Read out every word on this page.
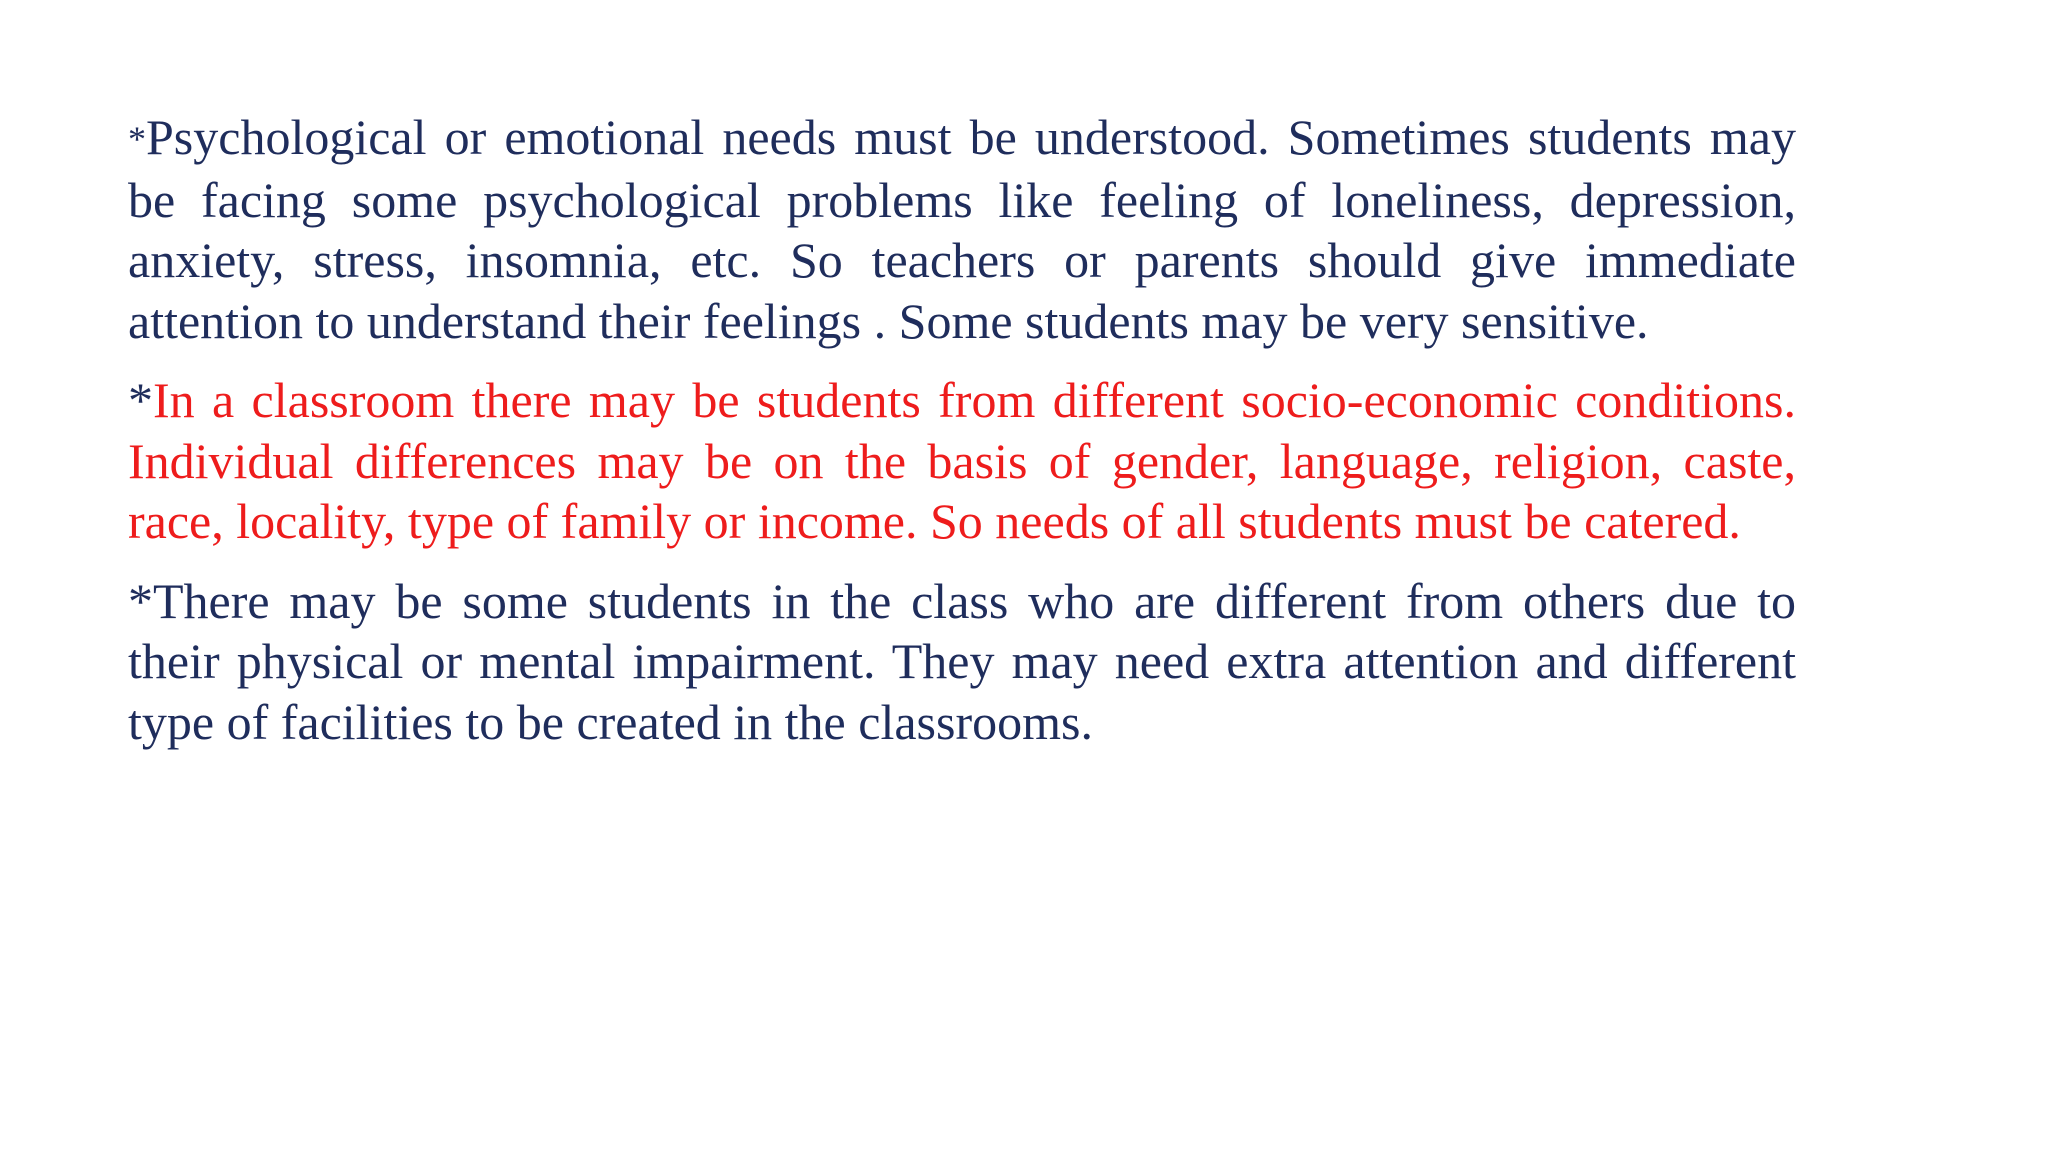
*Psychological or emotional needs must be understood. Sometimes students may be facing some psychological problems like feeling of loneliness, depression, anxiety, stress, insomnia, etc. So teachers or parents should give immediate attention to understand their feelings . Some students may be very sensitive.

*In a classroom there may be students from different socio-economic conditions. Individual differences may be on the basis of gender, language, religion, caste, race, locality, type of family or income. So needs of all students must be catered.

*There may be some students in the class who are different from others due to their physical or mental impairment. They may need extra attention and different type of facilities to be created in the classrooms.
